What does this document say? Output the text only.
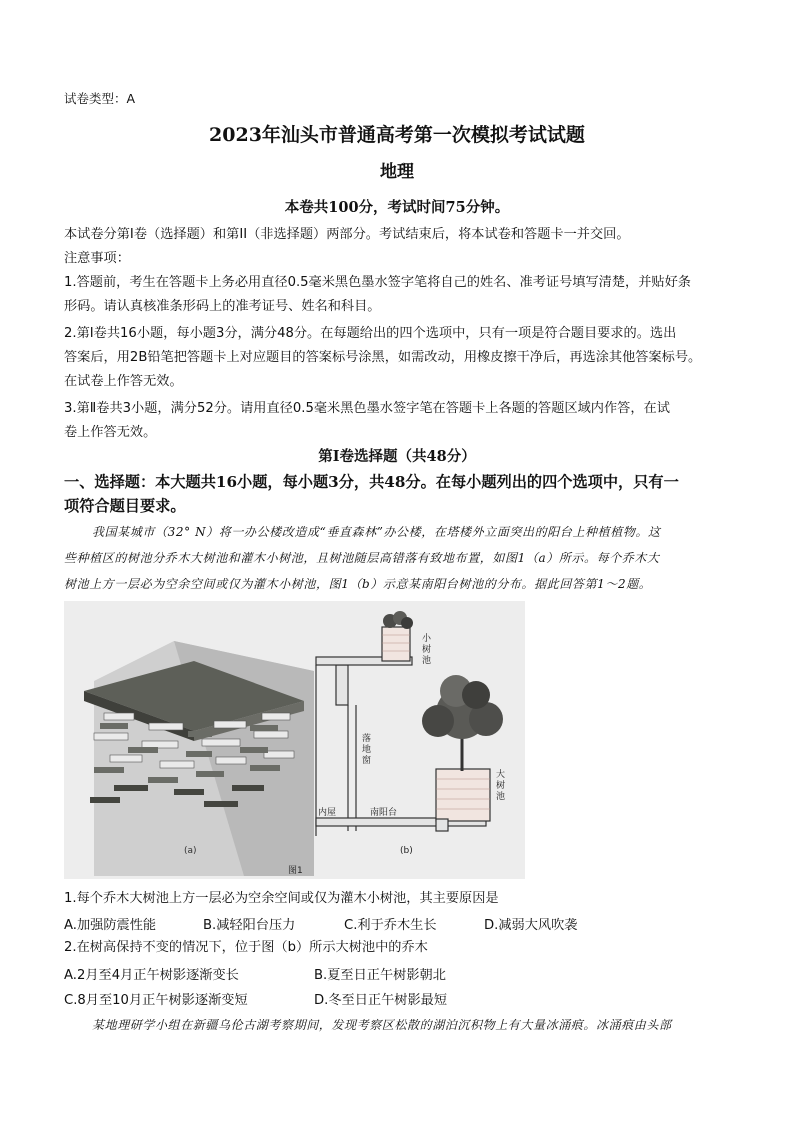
试卷类型：A
2023年汕头市普通高考第一次模拟考试试题
地理
本卷共100分，考试时间75分钟。
本试卷分第Ⅰ卷（选择题）和第II（非选择题）两部分。考试结束后，将本试卷和答题卡一并交回。
注意事项：
1.答题前，考生在答题卡上务必用直径0.5毫米黑色墨水签字笔将自己的姓名、准考证号填写清楚，并贴好条
形码。请认真核准条形码上的准考证号、姓名和科目。
2.第Ⅰ卷共16小题，每小题3分，满分48分。在每题给出的四个选项中，只有一项是符合题目要求的。选出
答案后，用2B铅笔把答题卡上对应题目的答案标号涂黑，如需改动，用橡皮擦干净后，再选涂其他答案标号。
在试卷上作答无效。
3.第Ⅱ卷共3小题，满分52分。请用直径0.5毫米黑色墨水签字笔在答题卡上各题的答题区域内作答，在试
卷上作答无效。
第Ⅰ卷选择题（共48分）
一、选择题：本大题共16小题，每小题3分，共48分。在每小题列出的四个选项中，只有一
项符合题目要求。
我国某城市（32° N）将一办公楼改造成“垂直森林”办公楼，在塔楼外立面突出的阳台上种植植物。这
些种植区的树池分乔木大树池和灌木小树池，且树池随层高错落有致地布置，如图1（a）所示。每个乔木大
树池上方一层必为空余空间或仅为灌木小树池，图1（b）示意某南阳台树池的分布。据此回答第1～2题。
(a)
小
树
池
大
树
池
落
地
窗
内屋	南阳台
(b)
图1
1.每个乔木大树池上方一层必为空余空间或仅为灌木小树池，其主要原因是
A.加强防震性能	B.减轻阳台压力	C.利于乔木生长	D.减弱大风吹袭
2.在树高保持不变的情况下，位于图（b）所示大树池中的乔木
A.2月至4月正午树影逐渐变长	B.夏至日正午树影朝北
C.8月至10月正午树影逐渐变短	D.冬至日正午树影最短
某地理研学小组在新疆乌伦古湖考察期间，发现考察区松散的湖泊沉积物上有大量冰涌痕。冰涌痕由头部
